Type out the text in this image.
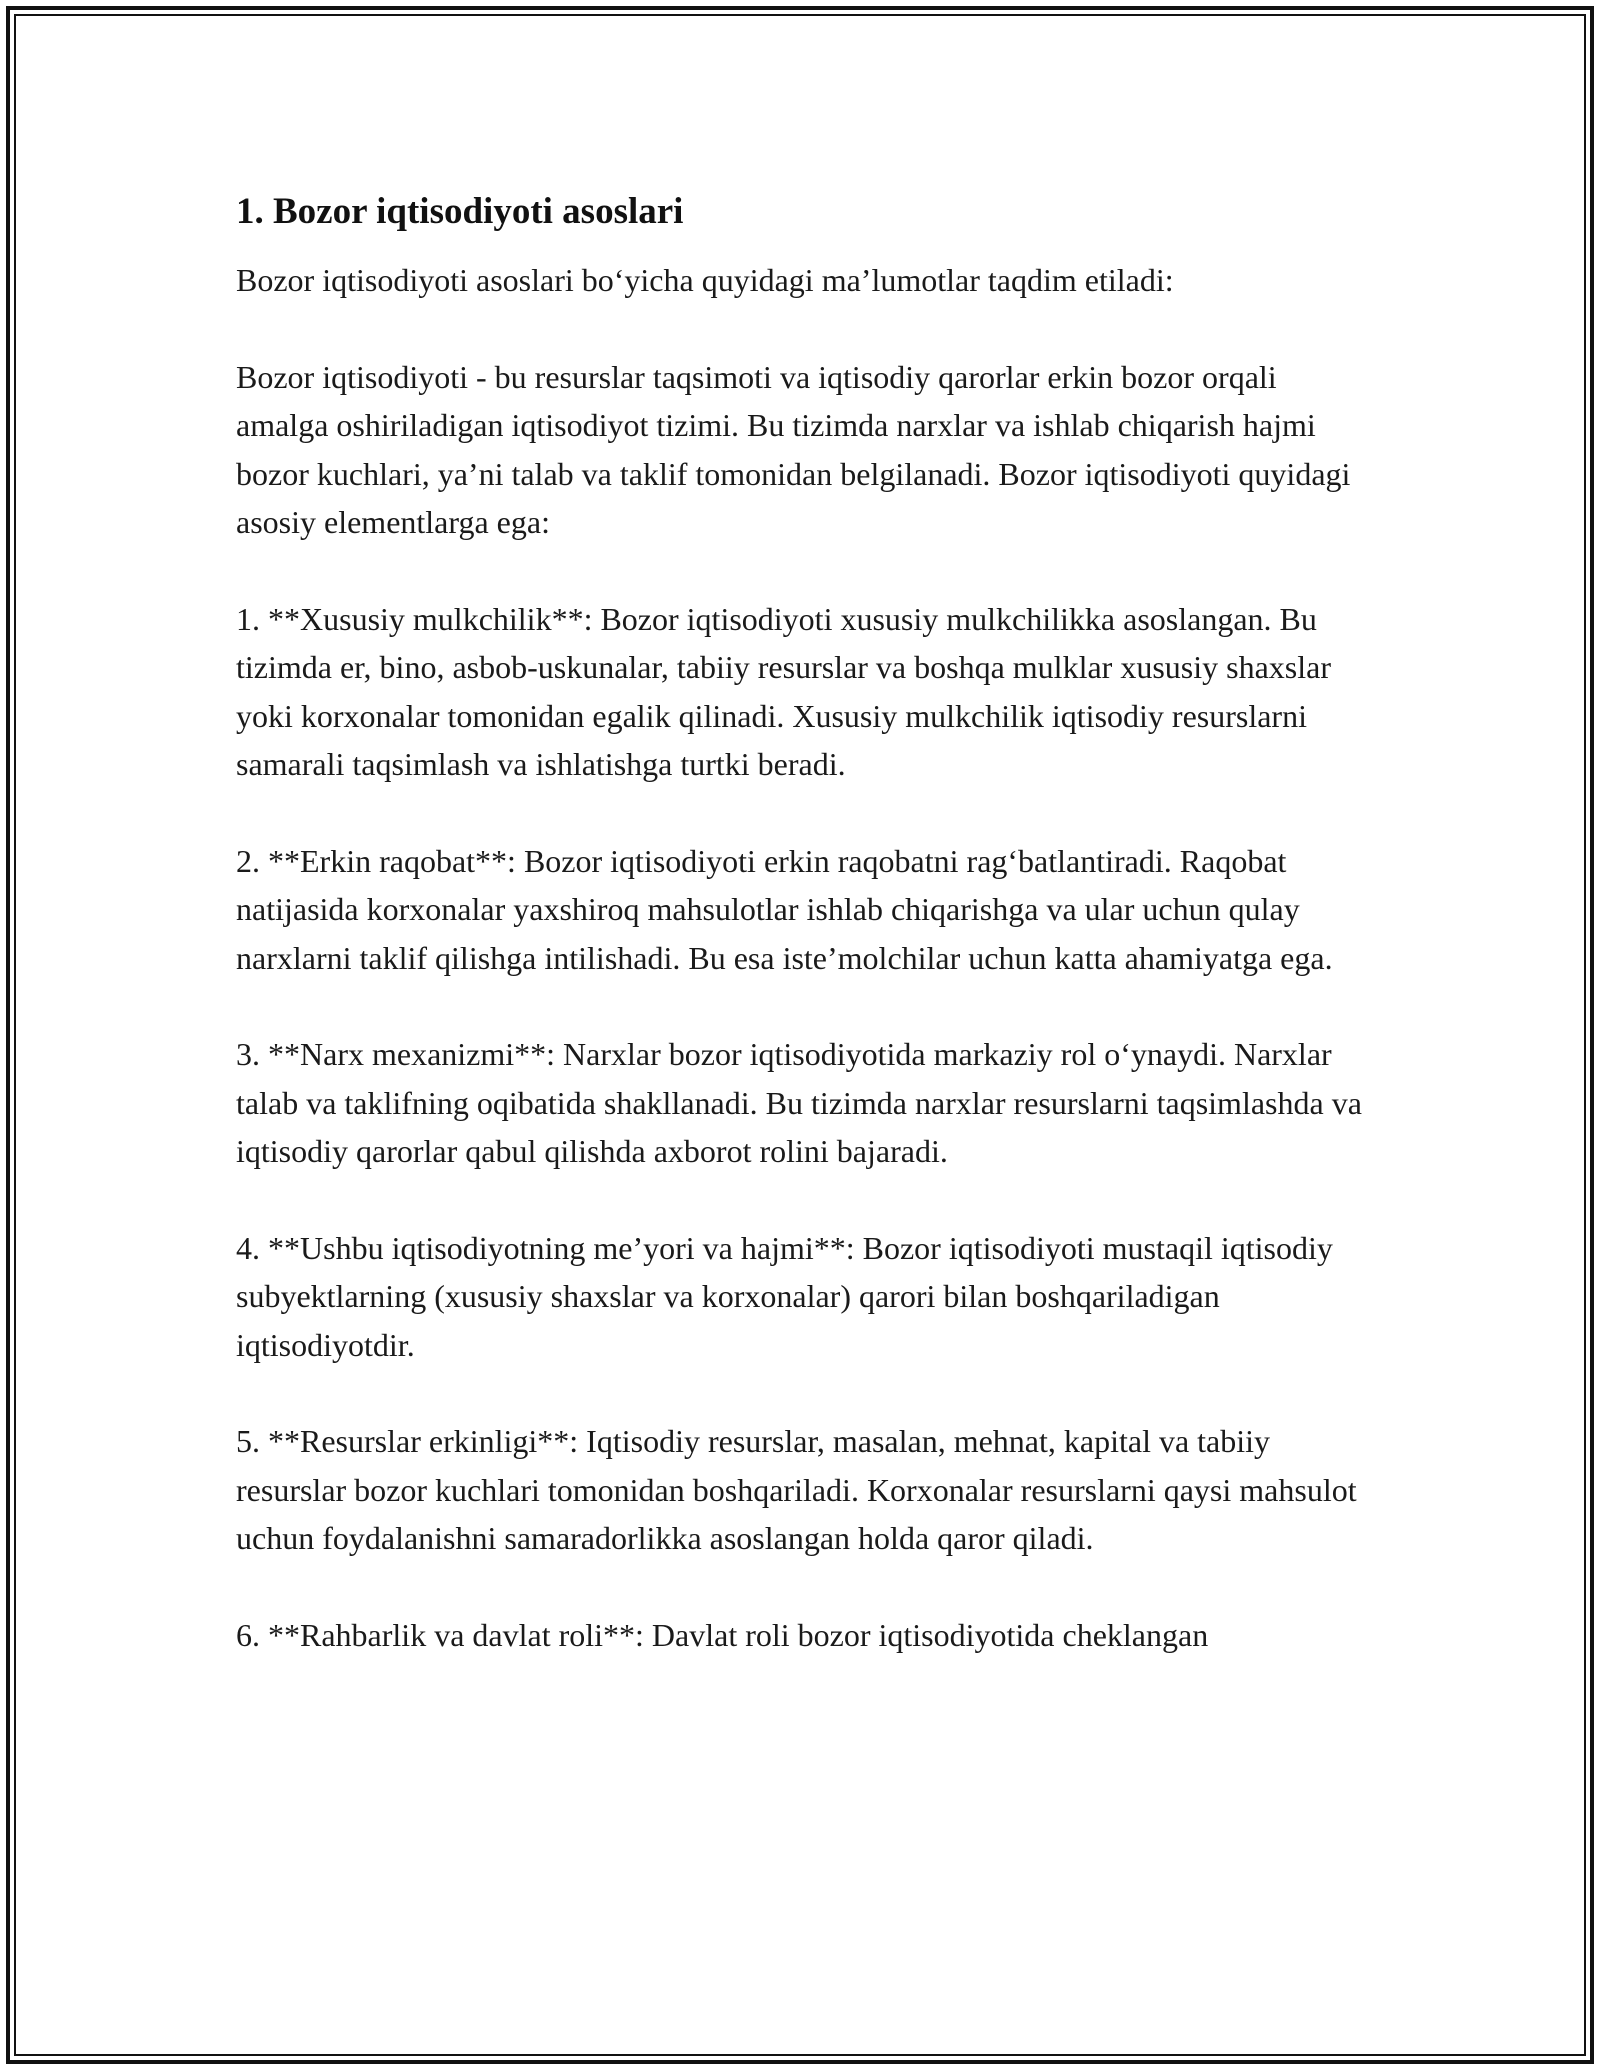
1. Bozor iqtisodiyoti asoslari

Bozor iqtisodiyoti asoslari bo‘yicha quyidagi ma’lumotlar taqdim etiladi:

Bozor iqtisodiyoti - bu resurslar taqsimoti va iqtisodiy qarorlar erkin bozor orqali amalga oshiriladigan iqtisodiyot tizimi. Bu tizimda narxlar va ishlab chiqarish hajmi bozor kuchlari, ya’ni talab va taklif tomonidan belgilanadi. Bozor iqtisodiyoti quyidagi asosiy elementlarga ega:

1. **Xususiy mulkchilik**: Bozor iqtisodiyoti xususiy mulkchilikka asoslangan. Bu tizimda er, bino, asbob-uskunalar, tabiiy resurslar va boshqa mulklar xususiy shaxslar yoki korxonalar tomonidan egalik qilinadi. Xususiy mulkchilik iqtisodiy resurslarni samarali taqsimlash va ishlatishga turtki beradi.

2. **Erkin raqobat**: Bozor iqtisodiyoti erkin raqobatni rag‘batlantiradi. Raqobat natijasida korxonalar yaxshiroq mahsulotlar ishlab chiqarishga va ular uchun qulay narxlarni taklif qilishga intilishadi. Bu esa iste’molchilar uchun katta ahamiyatga ega.

3. **Narx mexanizmi**: Narxlar bozor iqtisodiyotida markaziy rol o‘ynaydi. Narxlar talab va taklifning oqibatida shakllanadi. Bu tizimda narxlar resurslarni taqsimlashda va iqtisodiy qarorlar qabul qilishda axborot rolini bajaradi.

4. **Ushbu iqtisodiyotning me’yori va hajmi**: Bozor iqtisodiyoti mustaqil iqtisodiy subyektlarning (xususiy shaxslar va korxonalar) qarori bilan boshqariladigan iqtisodiyotdir.

5. **Resurslar erkinligi**: Iqtisodiy resurslar, masalan, mehnat, kapital va tabiiy resurslar bozor kuchlari tomonidan boshqariladi. Korxonalar resurslarni qaysi mahsulot uchun foydalanishni samaradorlikka asoslangan holda qaror qiladi.

6. **Rahbarlik va davlat roli**: Davlat roli bozor iqtisodiyotida cheklangan
